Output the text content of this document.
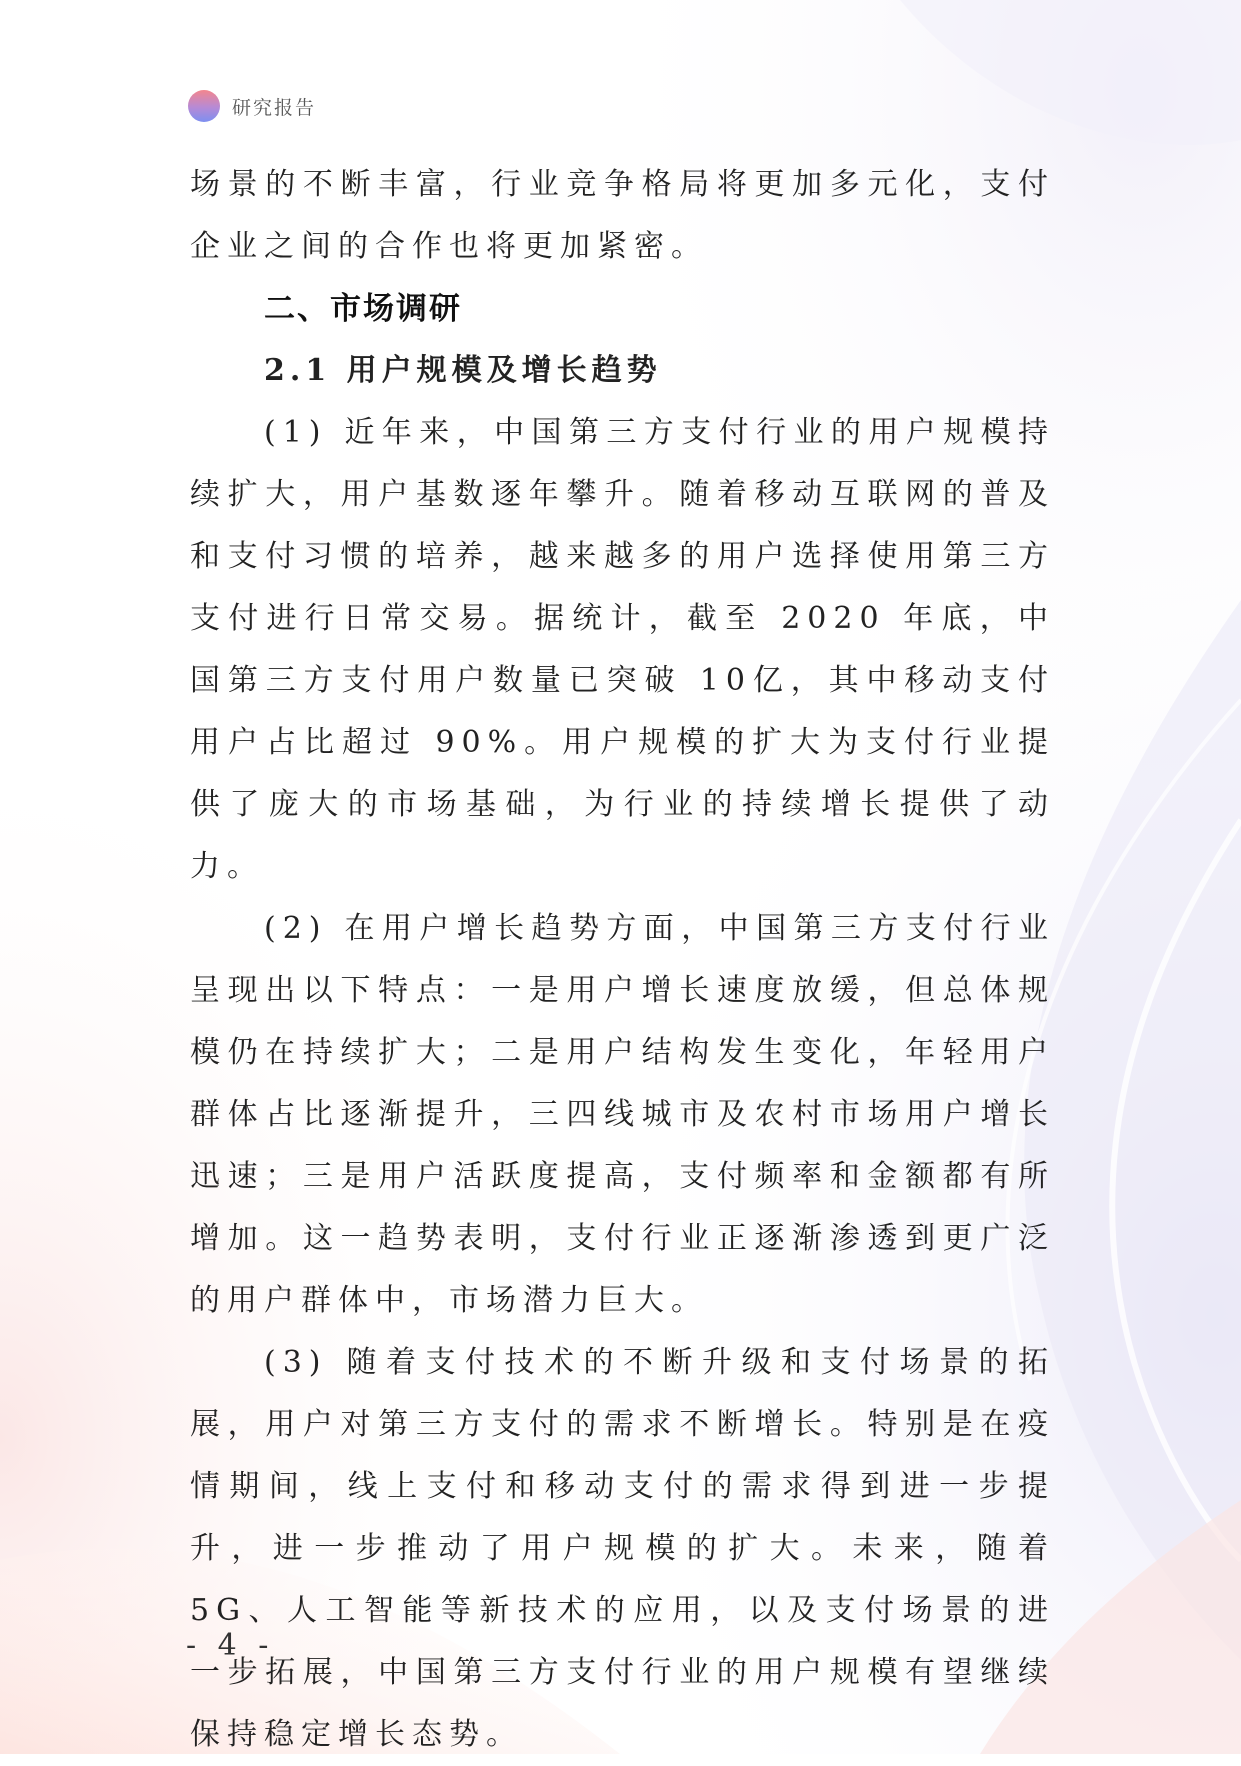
研究报告

场景的不断丰富，行业竞争格局将更加多元化，支付企业之间的合作也将更加紧密。

二、市场调研
2.1 用户规模及增长趋势

(1) 近年来，中国第三方支付行业的用户规模持续扩大，用户基数逐年攀升。随着移动互联网的普及和支付习惯的培养，越来越多的用户选择使用第三方支付进行日常交易。据统计，截至 2020 年底，中国第三方支付用户数量已突破 10亿，其中移动支付用户占比超过 90%。用户规模的扩大为支付行业提供了庞大的市场基础，为行业的持续增长提供了动力。

(2) 在用户增长趋势方面，中国第三方支付行业呈现出以下特点：一是用户增长速度放缓，但总体规模仍在持续扩大；二是用户结构发生变化，年轻用户群体占比逐渐提升，三四线城市及农村市场用户增长迅速；三是用户活跃度提高，支付频率和金额都有所增加。这一趋势表明，支付行业正逐渐渗透到更广泛的用户群体中，市场潜力巨大。

(3) 随着支付技术的不断升级和支付场景的拓展，用户对第三方支付的需求不断增长。特别是在疫情期间，线上支付和移动支付的需求得到进一步提升，进一步推动了用户规模的扩大。未来，随着 5G、人工智能等新技术的应用，以及支付场景的进一步拓展，中国第三方支付行业的用户规模有望继续保持稳定增长态势。

- 4 -
